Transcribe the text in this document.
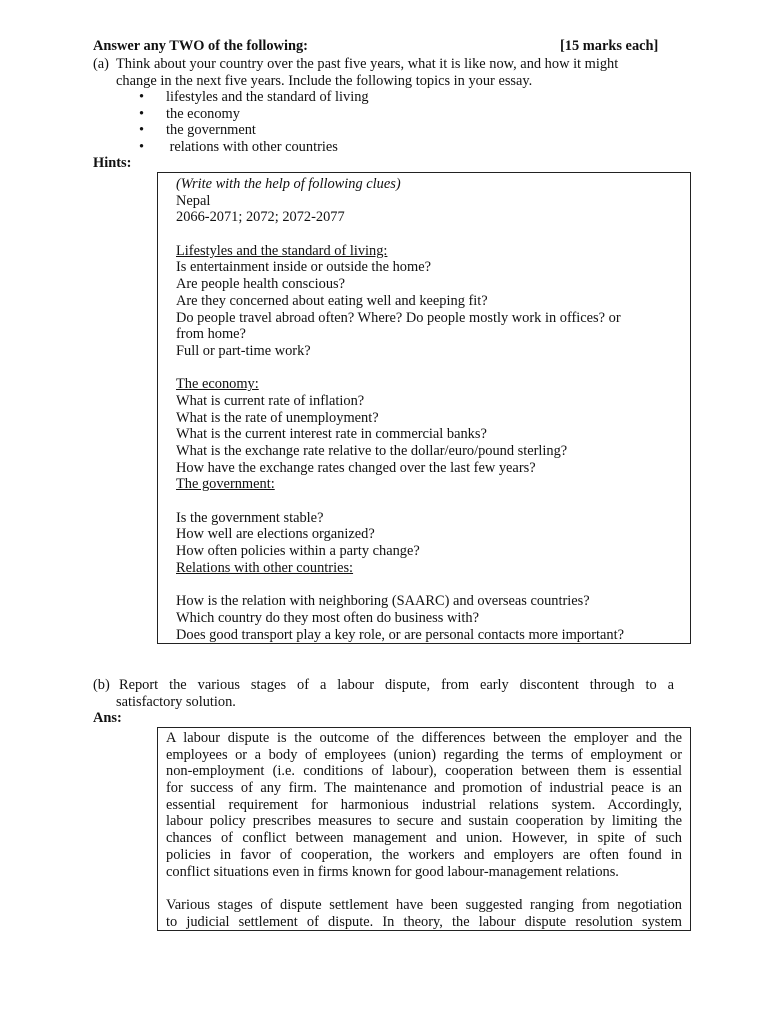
Answer any TWO of the following:	[15 marks each]
(a) Think about your country over the past five years, what it is like now, and how it might
change in the next five years. Include the following topics in your essay.
• lifestyles and the standard of living
• the economy
• the government
• relations with other countries
Hints:
(Write with the help of following clues)
Nepal
2066-2071; 2072; 2072-2077
Lifestyles and the standard of living:
Is entertainment inside or outside the home?
Are people health conscious?
Are they concerned about eating well and keeping fit?
Do people travel abroad often? Where? Do people mostly work in offices? or
from home?
Full or part-time work?
The economy:
What is current rate of inflation?
What is the rate of unemployment?
What is the current interest rate in commercial banks?
What is the exchange rate relative to the dollar/euro/pound sterling?
How have the exchange rates changed over the last few years?
The government:
Is the government stable?
How well are elections organized?
How often policies within a party change?
Relations with other countries:
How is the relation with neighboring (SAARC) and overseas countries?
Which country do they most often do business with?
Does good transport play a key role, or are personal contacts more important?
(b) Report the various stages of a labour dispute, from early discontent through to a
satisfactory solution.
Ans:
A labour dispute is the outcome of the differences between the employer and the
employees or a body of employees (union) regarding the terms of employment or
non-employment (i.e. conditions of labour), cooperation between them is essential
for success of any firm. The maintenance and promotion of industrial peace is an
essential requirement for harmonious industrial relations system. Accordingly,
labour policy prescribes measures to secure and sustain cooperation by limiting the
chances of conflict between management and union. However, in spite of such
policies in favor of cooperation, the workers and employers are often found in
conflict situations even in firms known for good labour-management relations.
Various stages of dispute settlement have been suggested ranging from negotiation
to judicial settlement of dispute. In theory, the labour dispute resolution system
